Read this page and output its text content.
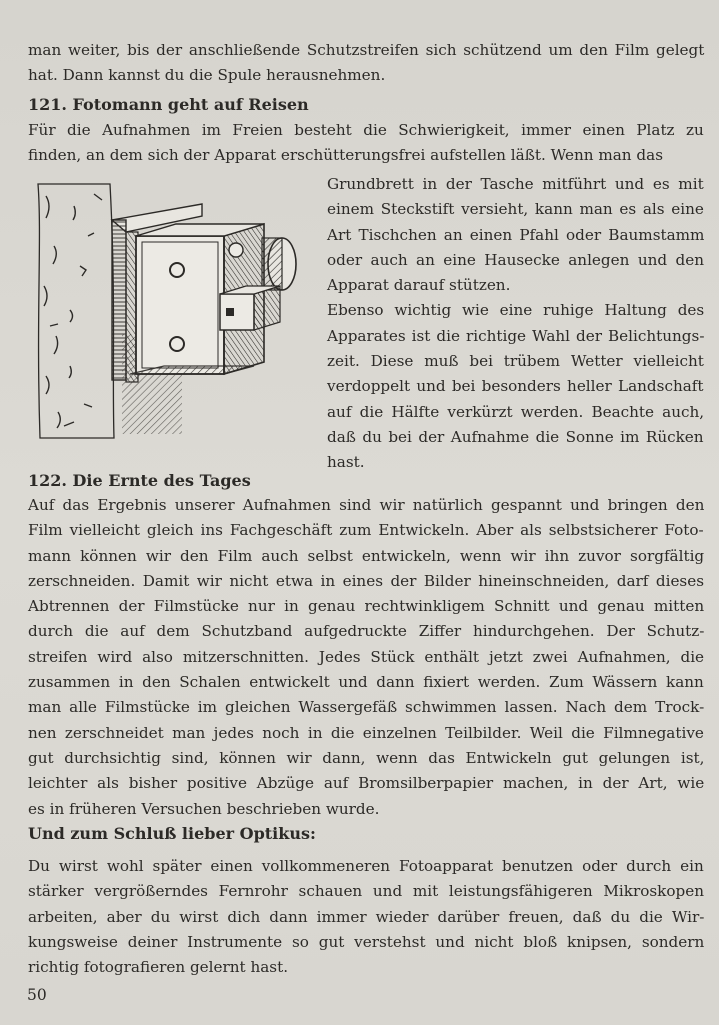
man weiter, bis der anschließende Schutzstreifen sich schützend um den Film gelegt
hat. Dann kannst du die Spule herausnehmen.
121. Fotomann geht auf Reisen
Für die Aufnahmen im Freien besteht die Schwierigkeit, immer einen Platz zu
finden, an dem sich der Apparat erschütterungsfrei aufstellen läßt. Wenn man das
Grundbrett in der Tasche mitführt und es mit
einem Steckstift versieht, kann man es als eine
Art Tischchen an einen Pfahl oder Baumstamm
oder auch an eine Hausecke anlegen und den
Apparat darauf stützen.
Ebenso wichtig wie eine ruhige Haltung des
Apparates ist die richtige Wahl der Belichtungs-
zeit. Diese muß bei trübem Wetter vielleicht
verdoppelt und bei besonders heller Landschaft
auf die Hälfte verkürzt werden. Beachte auch,
daß du bei der Aufnahme die Sonne im Rücken
hast.
122. Die Ernte des Tages
Auf das Ergebnis unserer Aufnahmen sind wir natürlich gespannt und bringen den
Film vielleicht gleich ins Fachgeschäft zum Entwickeln. Aber als selbstsicherer Foto-
mann können wir den Film auch selbst entwickeln, wenn wir ihn zuvor sorgfältig
zerschneiden. Damit wir nicht etwa in eines der Bilder hineinschneiden, darf dieses
Abtrennen der Filmstücke nur in genau rechtwinkligem Schnitt und genau mitten
durch die auf dem Schutzband aufgedruckte Ziffer hindurchgehen. Der Schutz-
streifen wird also mitzerschnitten. Jedes Stück enthält jetzt zwei Aufnahmen, die
zusammen in den Schalen entwickelt und dann fixiert werden. Zum Wässern kann
man alle Filmstücke im gleichen Wassergefäß schwimmen lassen. Nach dem Trock-
nen zerschneidet man jedes noch in die einzelnen Teilbilder. Weil die Filmnegative
gut durchsichtig sind, können wir dann, wenn das Entwickeln gut gelungen ist,
leichter als bisher positive Abzüge auf Bromsilberpapier machen, in der Art, wie
es in früheren Versuchen beschrieben wurde.
Und zum Schluß lieber Optikus:
Du wirst wohl später einen vollkommeneren Fotoapparat benutzen oder durch ein
stärker vergrößerndes Fernrohr schauen und mit leistungsfähigeren Mikroskopen
arbeiten, aber du wirst dich dann immer wieder darüber freuen, daß du die Wir-
kungsweise deiner Instrumente so gut verstehst und nicht bloß knipsen, sondern
richtig fotografieren gelernt hast.
50
